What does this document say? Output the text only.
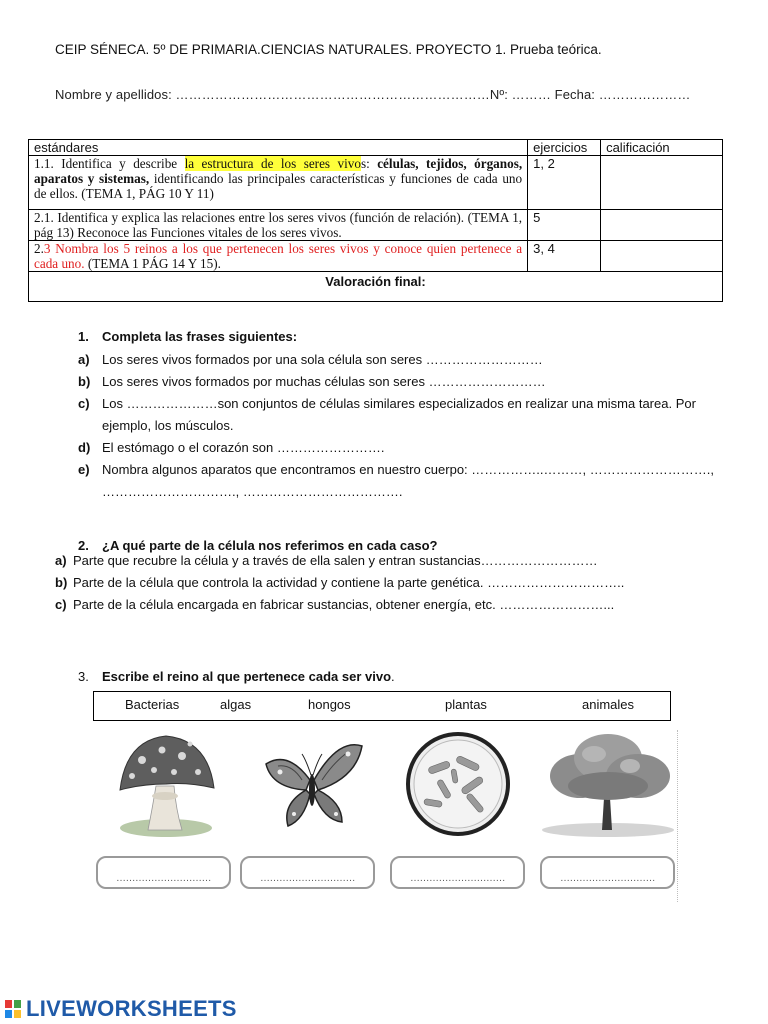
CEIP SÉNECA. 5º DE PRIMARIA.CIENCIAS NATURALES. PROYECTO 1. Prueba teórica.
Nombre y apellidos: ………………………………………………………………Nº: ……… Fecha: …………………
estándares	ejercicios	calificación
1.1. Identifica y describe la estructura de los seres vivos: células, tejidos, órganos, aparatos y sistemas, identificando las principales características y funciones de cada uno de ellos. (TEMA 1, PÁG 10 Y 11)	1, 2	
2.1. Identifica y explica las relaciones entre los seres vivos (función de relación). (TEMA 1, pág 13) Reconoce las Funciones vitales de los seres vivos.	5	
2.3 Nombra los 5 reinos a los que pertenecen los seres vivos y conoce quien pertenece a cada uno. (TEMA 1 PÁG 14 Y 15).	3, 4	
Valoración final:		
1. Completa las frases siguientes:
a) Los seres vivos formados por una sola célula son seres ………………………
b) Los seres vivos formados por muchas células son seres ………………………
c) Los …………………son conjuntos de células similares especializados en realizar una misma tarea. Por ejemplo, los músculos.
d) El estómago o el corazón son …………………….
e) Nombra algunos aparatos que encontramos en nuestro cuerpo: ……………..………, ………………………., …………………………., ……………………………….
2. ¿A qué parte de la célula nos referimos en cada caso?
a) Parte que recubre la célula y a través de ella salen y entran sustancias………………………
b) Parte de la célula que controla la actividad y contiene la parte genética. …………………………..
c) Parte de la célula encargada en fabricar sustancias, obtener energía, etc. ……………………...
3. Escribe el reino al que pertenece cada ser vivo.
Bacterias	algas	hongos	plantas	animales
…………………………	…………………………	…………………………	…………………………
LIVEWORKSHEETS
